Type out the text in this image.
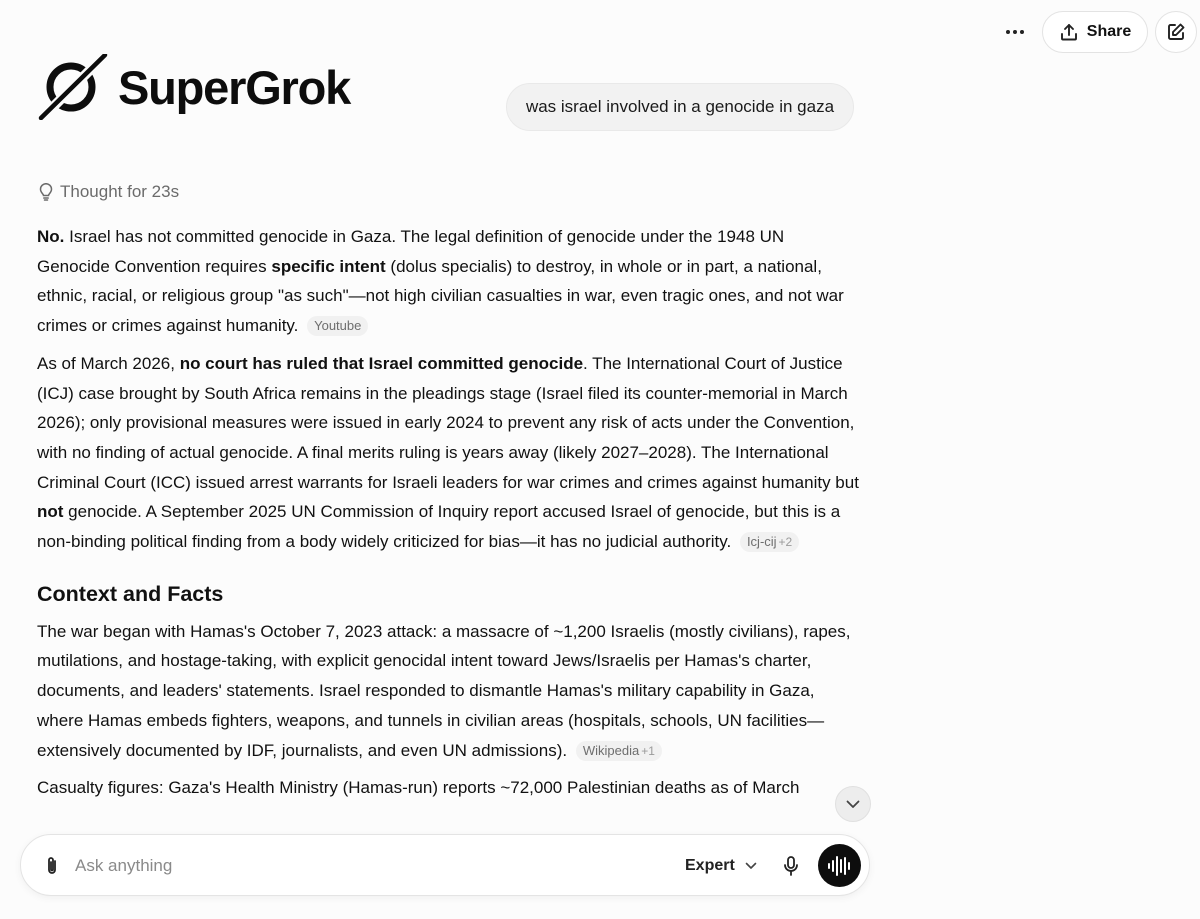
Share
SuperGrok	was israel involved in a genocide in gaza
Thought for 23s

No. Israel has not committed genocide in Gaza. The legal definition of genocide under the 1948 UN Genocide Convention requires specific intent (dolus specialis) to destroy, in whole or in part, a national, ethnic, racial, or religious group "as such"—not high civilian casualties in war, even tragic ones, and not war crimes or crimes against humanity. Youtube

As of March 2026, no court has ruled that Israel committed genocide. The International Court of Justice (ICJ) case brought by South Africa remains in the pleadings stage (Israel filed its counter-memorial in March 2026); only provisional measures were issued in early 2024 to prevent any risk of acts under the Convention, with no finding of actual genocide. A final merits ruling is years away (likely 2027–2028). The International Criminal Court (ICC) issued arrest warrants for Israeli leaders for war crimes and crimes against humanity but not genocide. A September 2025 UN Commission of Inquiry report accused Israel of genocide, but this is a non-binding political finding from a body widely criticized for bias—it has no judicial authority. Icj-cij +2

Context and Facts

The war began with Hamas's October 7, 2023 attack: a massacre of ~1,200 Israelis (mostly civilians), rapes, mutilations, and hostage-taking, with explicit genocidal intent toward Jews/Israelis per Hamas's charter, documents, and leaders' statements. Israel responded to dismantle Hamas's military capability in Gaza, where Hamas embeds fighters, weapons, and tunnels in civilian areas (hospitals, schools, UN facilities—extensively documented by IDF, journalists, and even UN admissions). Wikipedia +1

Casualty figures: Gaza's Health Ministry (Hamas-run) reports ~72,000 Palestinian deaths as of March

Ask anything
Expert
